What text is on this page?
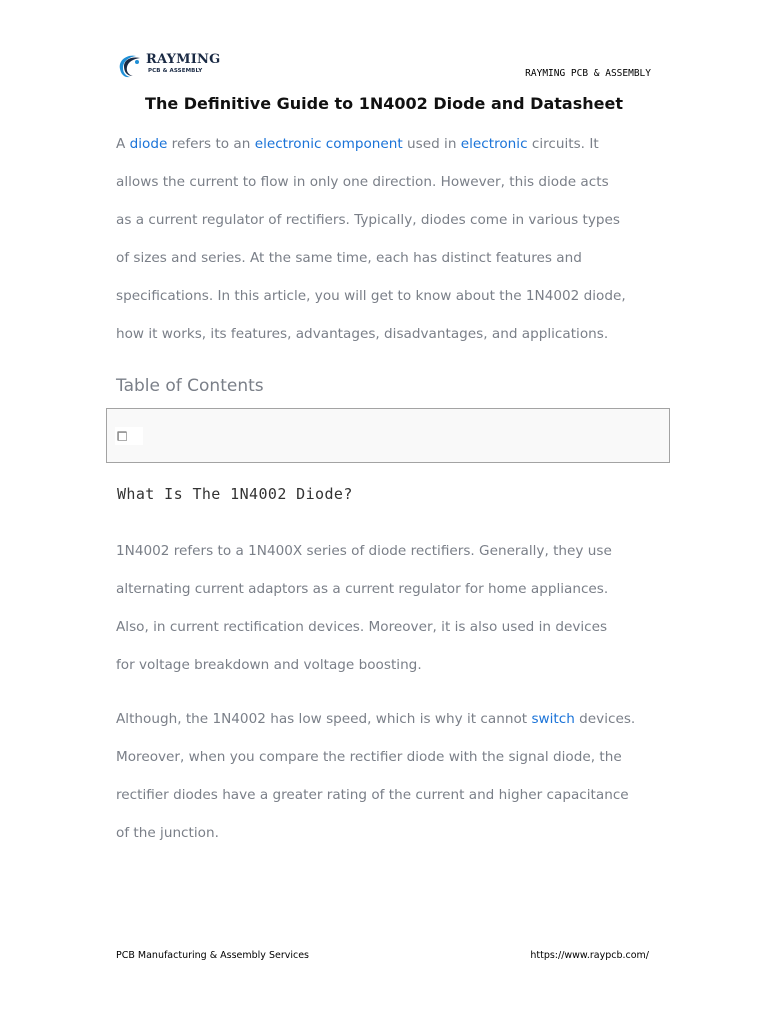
RAYMING
PCB & ASSEMBLY	RAYMING PCB & ASSEMBLY
The Definitive Guide to 1N4002 Diode and Datasheet

A diode refers to an electronic component used in electronic circuits. It
allows the current to flow in only one direction. However, this diode acts
as a current regulator of rectifiers. Typically, diodes come in various types
of sizes and series. At the same time, each has distinct features and
specifications. In this article, you will get to know about the 1N4002 diode,
how it works, its features, advantages, disadvantages, and applications.

Table of Contents
What Is The 1N4002 Diode?

1N4002 refers to a 1N400X series of diode rectifiers. Generally, they use
alternating current adaptors as a current regulator for home appliances.
Also, in current rectification devices. Moreover, it is also used in devices
for voltage breakdown and voltage boosting.

Although, the 1N4002 has low speed, which is why it cannot switch devices.
Moreover, when you compare the rectifier diode with the signal diode, the
rectifier diodes have a greater rating of the current and higher capacitance
of the junction.

PCB Manufacturing & Assembly Services	https://www.raypcb.com/
